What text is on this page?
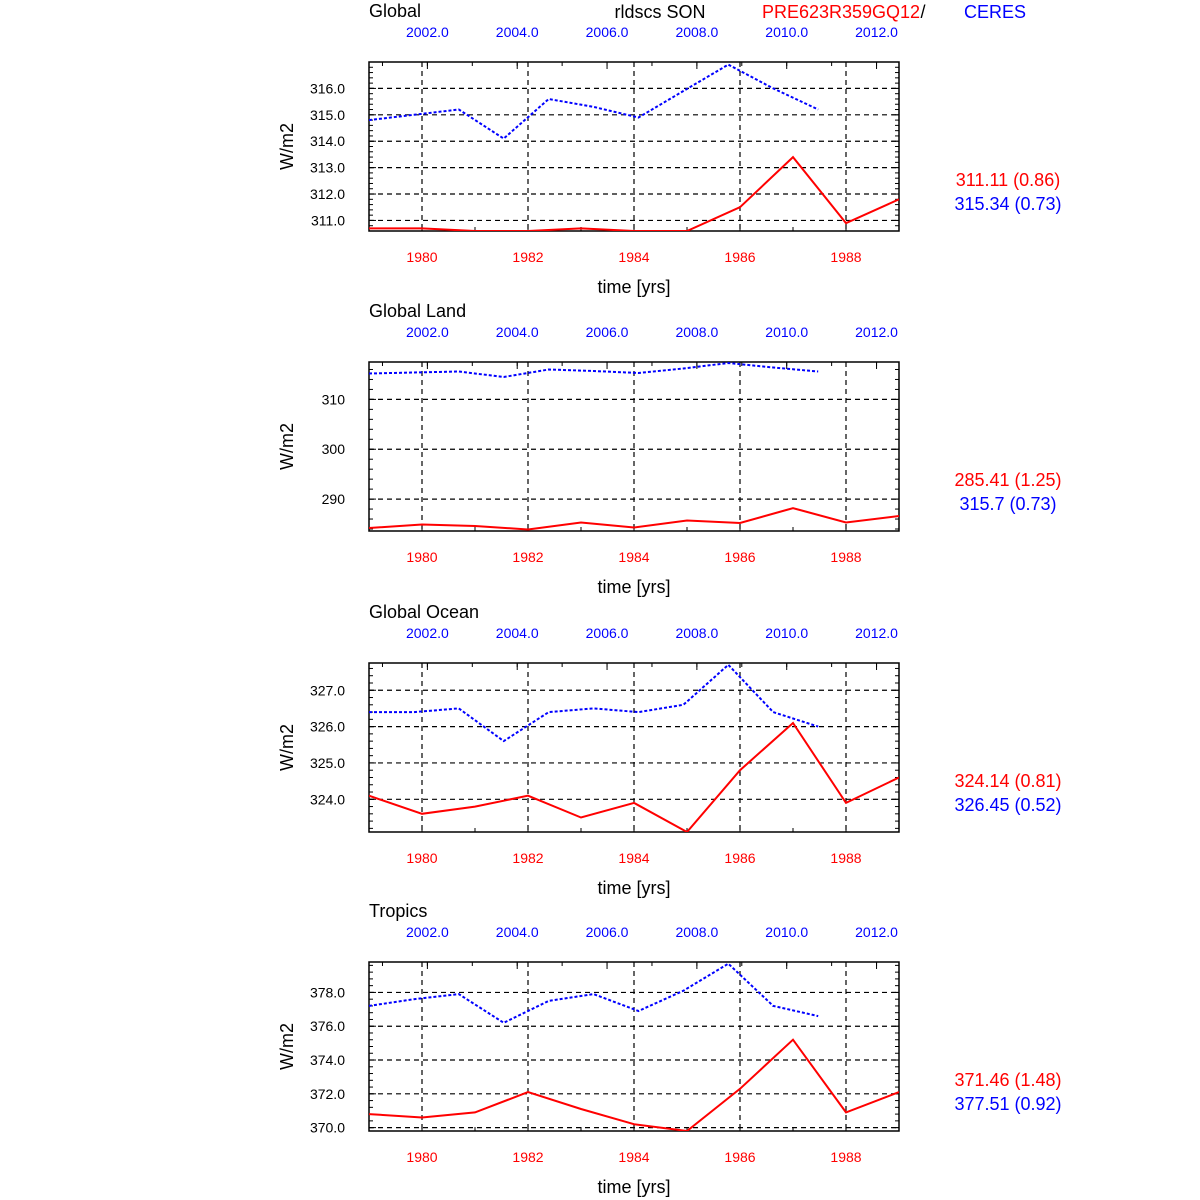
rldscs SON	PRE623R359GQ12 / CERES
Global
311.0
312.0
313.0
314.0
315.0
316.0
1980	1982	1984	1986	1988
2002.0	2004.0	2006.0	2008.0	2010.0	2012.0
W/m2
time [yrs]
311.11 (0.86)
315.34 (0.73)
Global Land
290
300
310
1980	1982	1984	1986	1988
2002.0	2004.0	2006.0	2008.0	2010.0	2012.0
W/m2
time [yrs]
285.41 (1.25)
315.7 (0.73)
Global Ocean
324.0
325.0
326.0
327.0
1980	1982	1984	1986	1988
2002.0	2004.0	2006.0	2008.0	2010.0	2012.0
W/m2
time [yrs]
324.14 (0.81)
326.45 (0.52)
Tropics
370.0
372.0
374.0
376.0
378.0
1980	1982	1984	1986	1988
2002.0	2004.0	2006.0	2008.0	2010.0	2012.0
W/m2
time [yrs]
371.46 (1.48)
377.51 (0.92)
